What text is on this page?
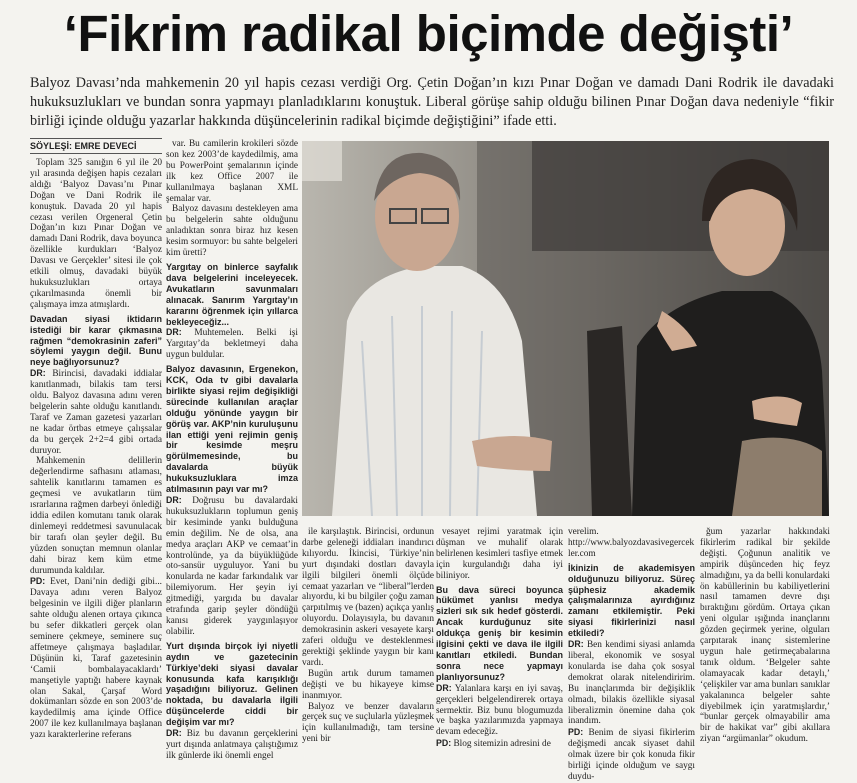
‘Fikrim radikal biçimde değişti’
Balyoz Davası’nda mahkemenin 20 yıl hapis cezası verdiği Org. Çetin Doğan’ın kızı Pınar Doğan ve damadı Dani Rodrik ile davadaki hukuksuzlukları ve bundan sonra yapmayı planladıklarını konuştuk. Liberal görüşe sahip olduğu bilinen Pınar Doğan dava nedeniyle “fikir birliği içinde olduğu yazarlar hakkında düşüncelerinin radikal biçimde değiştiğini” ifade etti.
SÖYLEŞİ: EMRE DEVECİ

Toplam 325 sanığın 6 yıl ile 20 yıl arasında değişen hapis cezaları aldığı ‘Balyoz Davası’nı Pınar Doğan ve Dani Rodrik ile konuştuk. Davada 20 yıl hapis cezası verilen Orgeneral Çetin Doğan’ın kızı Pınar Doğan ve damadı Dani Rodrik, dava boyunca özellikle kurdukları ‘Balyoz Davası ve Gerçekler’ sitesi ile çok etkili olmuş, davadaki büyük hukuksuzlukları ortaya çıkarılmasında önemli bir çalışmaya imza atmışlardı.

Davadan siyasi iktidarın istediği bir karar çıkmasına rağmen “demokrasinin zaferi” söylemi yaygın değil. Bunu neye bağlıyorsunuz?

DR: Birincisi, davadaki iddialar kanıtlanmadı, bilakis tam tersi oldu. Balyoz davasına adını veren belgelerin sahte olduğu kanıtlandı. Taraf ve Zaman gazetesi yazarları ne kadar örtbas etmeye çalışsalar da bu gerçek 2+2=4 gibi ortada duruyor.

Mahkemenin delillerin değerlendirme safhasını atlaması, sahtelik kanıtlarını tamamen es geçmesi ve avukatların tüm ısrarlarına rağmen darbeyi önlediği iddia edilen komutanı tanık olarak dinlemeyi reddetmesi savunulacak bir tarafı olan şeyler değil. Bu yüzden sonuçtan memnun olanlar dahi biraz kem küm etme durumunda kaldılar.

PD: Evet, Dani’nin dediği gibi... Davaya adını veren Balyoz belgesinin ve ilgili diğer planların sahte olduğu alenen ortaya çıkınca bu sefer dikkatleri gerçek olan seminere çekmeye, seminere suç affetmeye çalışmaya başladılar. Düşünün ki, Taraf gazetesinin ‘Camii bombalayacaklardı’ manşetiyle yaptığı habere kaynak olan Sakal, Çarşaf Word dokümanları sözde en son 2003’de kaydedilmiş ama içinde Office 2007 ile kez kullanılmaya başlanan yazı karakterlerine referans

var. Bu camilerin krokileri sözde son kez 2003’de kaydedilmiş, ama bu PowerPoint şemalarının içinde ilk kez Office 2007 ile kullanılmaya başlanan XML şemalar var.

Balyoz davasını destekleyen ama bu belgelerin sahte olduğunu anladıktan sonra biraz hız kesen kesim sormuyor: bu sahte belgeleri kim üretti?

Yargıtay on binlerce sayfalık dava belgelerini inceleyecek. Avukatların savunmaları alınacak. Sanırım Yargıtay’ın kararını öğrenmek için yıllarca bekleyeceğiz...

DR: Muhtemelen. Belki işi Yargıtay’da bekletmeyi daha uygun buldular.

Balyoz davasının, Ergenekon, KCK, Oda tv gibi davalarla birlikte siyasi rejim değişikliği sürecinde kullanılan araçlar olduğu yönünde yaygın bir görüş var. AKP’nin kuruluşunu ilan ettiği yeni rejimin geniş bir kesimde meşru görülmemesinde, bu davalarda büyük hukuksuzluklara imza atılmasının payı var mı?

DR: Doğrusu bu davalardaki hukuksuzlukların toplumun geniş bir kesiminde yankı bulduğuna emin değilim. Ne de olsa, ana medya araçları AKP ve cemaat’in kontrolünde, ya da büyüklüğüde oto-sansür uyguluyor. Yani bu konularda ne kadar farkındalık var bilemiyorum. Her şeyin iyi gitmediği, yargıda bu davalar etrafında garip şeyler döndüğü kanısı giderek yaygınlaşıyor olabilir.

Yurt dışında birçok iyi niyetli aydın ve gazetecinin Türkiye’deki siyasi davalar konusunda kafa karışıklığı yaşadığını biliyoruz. Gelinen noktada, bu davalarla ilgili düşüncelerde ciddi bir değişim var mı?

DR: Biz bu davanın gerçeklerini yurt dışında anlatmaya çalıştığımız ilk günlerde iki önemli engel

ile karşılaştık. Birincisi, ordunun darbe geleneği iddiaları inandırıcı kılıyordu. İkincisi, Türkiye’nin yurt dışındaki dostları davayla ilgili bilgileri önemli ölçüde cemaat yazarları ve “liberal”lerden alıyordu, ki bu bilgiler çoğu zaman çarpıtılmış ve (bazen) açıkça yanlış oluyordu. Dolayısıyla, bu davanın demokrasinin askeri vesayete karşı zaferi olduğu ve desteklenmesi gerektiği şeklinde yaygın bir kanı vardı.

Bugün artık durum tamamen değişti ve bu hikayeye kimse inanmıyor.

Balyoz ve benzer davaların gerçek suç ve suçlularla yüzleşmek için kullanılmadığı, tam tersine yeni bir

vesayet rejimi yaratmak için düşman ve muhalif olarak belirlenen kesimleri tasfiye etmek için kurgulandığı daha iyi biliniyor.

Bu dava süreci boyunca hükümet yanlısı medya sizleri sık sık hedef gösterdi. Ancak kurduğunuz site oldukça geniş bir kesimin ilgisini çekti ve dava ile ilgili kanıtları etkiledi. Bundan sonra nece yapmayı planlıyorsunuz?

DR: Yalanlara karşı en iyi savaş, gerçekleri belgelendirerek ortaya sermektir. Biz bunu blogumuzda ve başka yazılarımızda yapmaya devam edeceğiz.

PD: Blog sitemizin adresini de

verelim. http://www.balyozdavasivegercekler.com

İkinizin de akademisyen olduğunuzu biliyoruz. Süreç şüphesiz akademik çalışmalarınıza ayırdığınız zamanı etkilemiştir. Peki siyasi fikirlerinizi nasıl etkiledi?

DR: Ben kendimi siyasi anlamda liberal, ekonomik ve sosyal konularda ise daha çok sosyal demokrat olarak nitelendiririm. Bu inançlarımda bir değişiklik olmadı, bilakis özellikle siyasal liberalizmin önemine daha çok inandım.

PD: Benim de siyasi fikirlerim değişmedi ancak siyaset dahil olmak üzere bir çok konuda fikir birliği içinde olduğum ve saygı duydu-

ğum yazarlar hakkındaki fikirlerim radikal bir şekilde değişti. Çoğunun analitik ve ampirik düşünceden hiç feyz almadığını, ya da belli konulardaki ön kabüllerinin bu kabiliyetlerini nasıl tamamen devre dışı bıraktığını gördüm. Ortaya çıkan yeni olgular ışığında inançlarını gözden geçirmek yerine, olguları çarpıtarak inanç sistemlerine uygun hale getirmeçabalarına tanık oldum. ‘Belgeler sahte olamayacak kadar detaylı,’ ‘çelişkiler var ama bunları sanıklar yakalanınca belgeler sahte diyebilmek için yaratmışlardır,’ “bunlar gerçek olmayabilir ama bir de hakikat var” gibi akıllara ziyan “argümanlar” okudum.
